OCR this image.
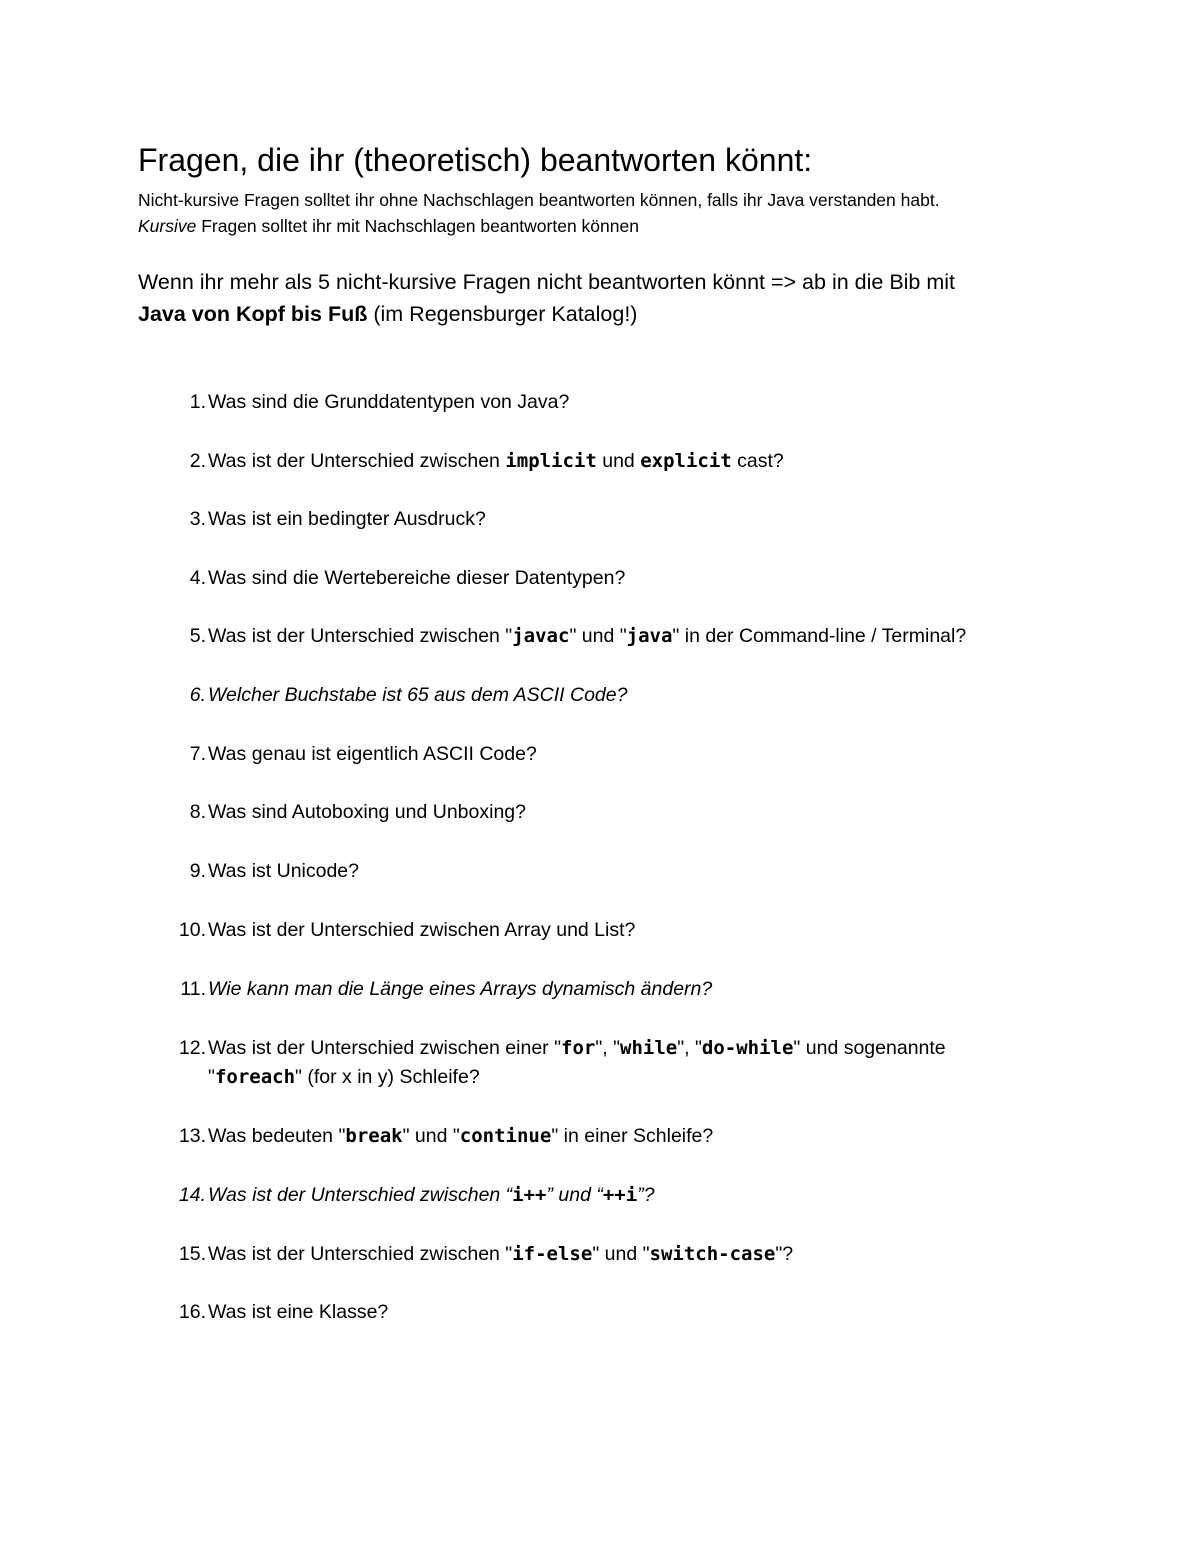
Fragen, die ihr (theoretisch) beantworten könnt:
Nicht-kursive Fragen solltet ihr ohne Nachschlagen beantworten können, falls ihr Java verstanden habt.
Kursive Fragen solltet ihr mit Nachschlagen beantworten können
Wenn ihr mehr als 5 nicht-kursive Fragen nicht beantworten könnt => ab in die Bib mit
Java von Kopf bis Fuß (im Regensburger Katalog!)
1. Was sind die Grunddatentypen von Java?
2. Was ist der Unterschied zwischen implicit und explicit cast?
3. Was ist ein bedingter Ausdruck?
4. Was sind die Wertebereiche dieser Datentypen?
5. Was ist der Unterschied zwischen "javac" und "java" in der Command-line / Terminal?
6. Welcher Buchstabe ist 65 aus dem ASCII Code?
7. Was genau ist eigentlich ASCII Code?
8. Was sind Autoboxing und Unboxing?
9. Was ist Unicode?
10. Was ist der Unterschied zwischen Array und List?
11. Wie kann man die Länge eines Arrays dynamisch ändern?
12. Was ist der Unterschied zwischen einer "for", "while", "do-while" und sogenannte
"foreach" (for x in y) Schleife?
13. Was bedeuten "break" und "continue" in einer Schleife?
14. Was ist der Unterschied zwischen “i++” und “++i”?
15. Was ist der Unterschied zwischen "if-else" und "switch-case"?
16. Was ist eine Klasse?
